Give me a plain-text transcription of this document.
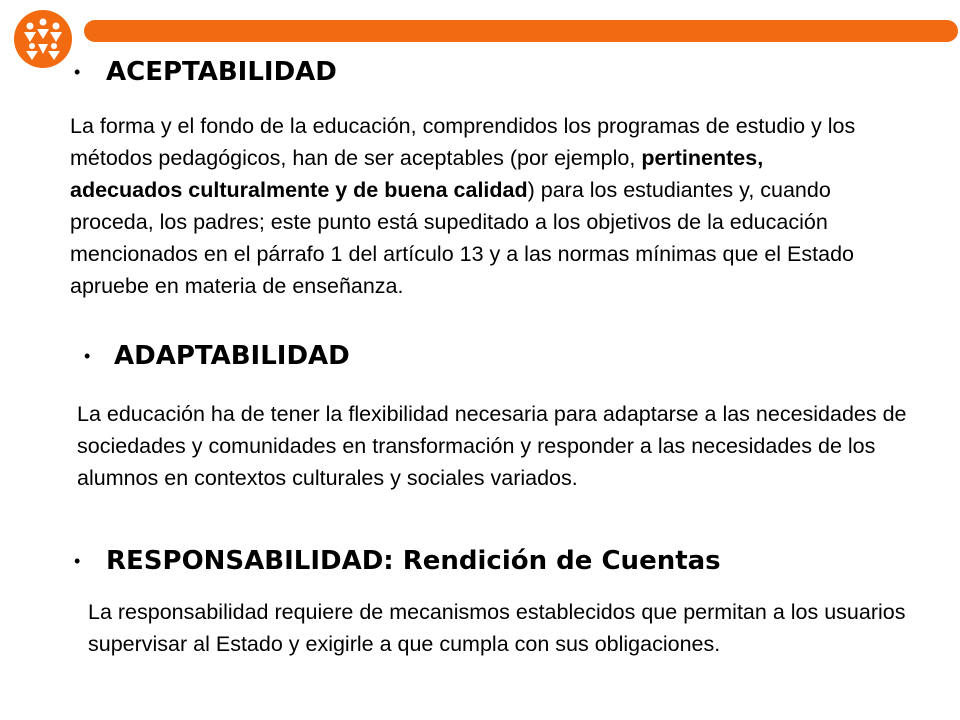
• ACEPTABILIDAD
La forma y el fondo de la educación, comprendidos los programas de estudio y los métodos pedagógicos, han de ser aceptables (por ejemplo, pertinentes, adecuados culturalmente y de buena calidad) para los estudiantes y, cuando proceda, los padres; este punto está supeditado a los objetivos de la educación mencionados en el párrafo 1 del artículo 13 y a las normas mínimas que el Estado apruebe en materia de enseñanza.
• ADAPTABILIDAD
La educación ha de tener la flexibilidad necesaria para adaptarse a las necesidades de sociedades y comunidades en transformación y responder a las necesidades de los alumnos en contextos culturales y sociales variados.
• RESPONSABILIDAD: Rendición de Cuentas
La responsabilidad requiere de mecanismos establecidos que permitan a los usuarios supervisar al Estado y exigirle a que cumpla con sus obligaciones.
